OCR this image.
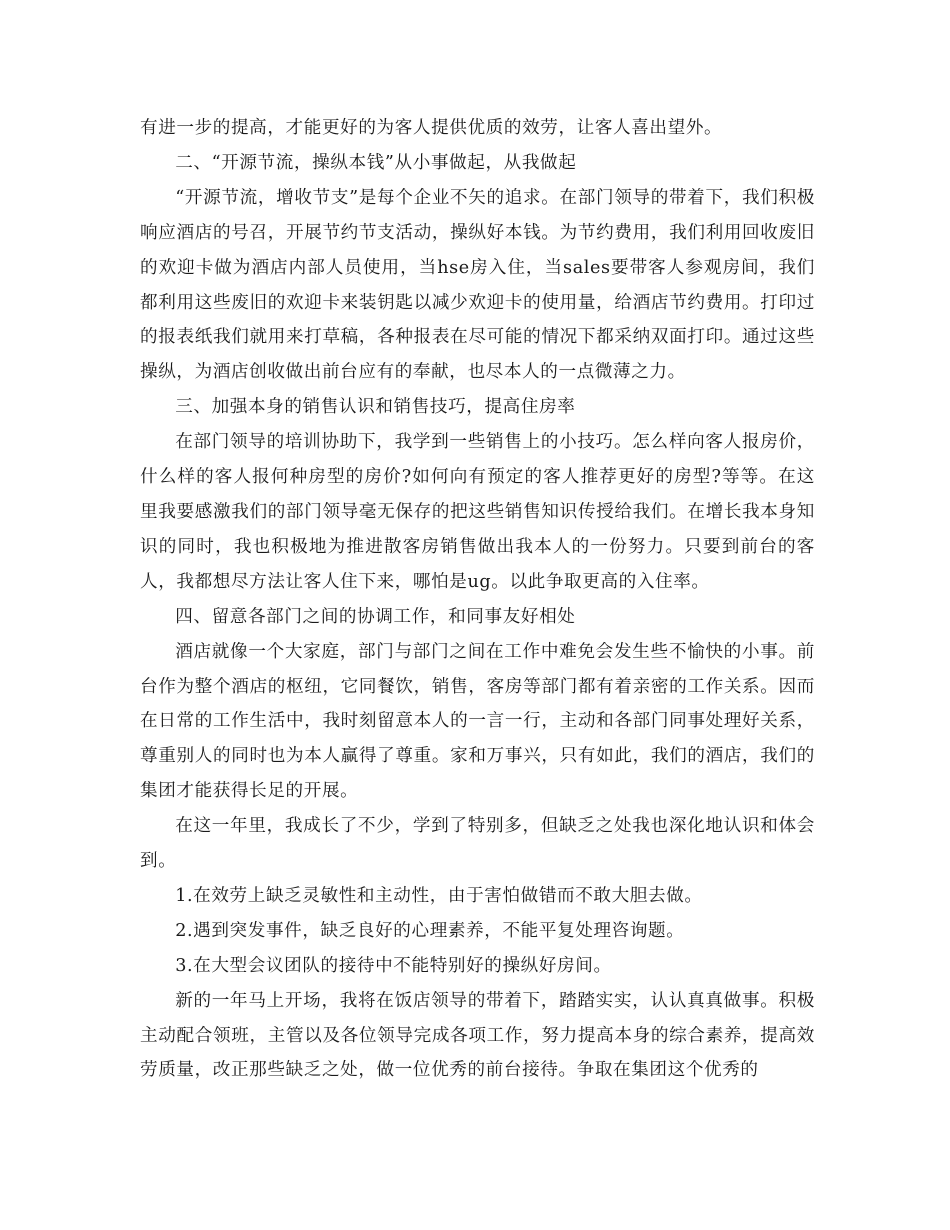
有进一步的提高，才能更好的为客人提供优质的效劳，让客人喜出望外。

二、“开源节流，操纵本钱”从小事做起，从我做起

“开源节流，增收节支”是每个企业不矢的追求。在部门领导的带着下，我们积极响应酒店的号召，开展节约节支活动，操纵好本钱。为节约费用，我们利用回收废旧的欢迎卡做为酒店内部人员使用，当hse房入住，当sales要带客人参观房间，我们都利用这些废旧的欢迎卡来装钥匙以减少欢迎卡的使用量，给酒店节约费用。打印过的报表纸我们就用来打草稿，各种报表在尽可能的情况下都采纳双面打印。通过这些操纵，为酒店创收做出前台应有的奉献，也尽本人的一点微薄之力。

三、加强本身的销售认识和销售技巧，提高住房率

在部门领导的培训协助下，我学到一些销售上的小技巧。怎么样向客人报房价，什么样的客人报何种房型的房价?如何向有预定的客人推荐更好的房型?等等。在这里我要感激我们的部门领导毫无保存的把这些销售知识传授给我们。在增长我本身知识的同时，我也积极地为推进散客房销售做出我本人的一份努力。只要到前台的客人，我都想尽方法让客人住下来，哪怕是ug。以此争取更高的入住率。

四、留意各部门之间的协调工作，和同事友好相处

酒店就像一个大家庭，部门与部门之间在工作中难免会发生些不愉快的小事。前台作为整个酒店的枢纽，它同餐饮，销售，客房等部门都有着亲密的工作关系。因而在日常的工作生活中，我时刻留意本人的一言一行，主动和各部门同事处理好关系，尊重别人的同时也为本人赢得了尊重。家和万事兴，只有如此，我们的酒店，我们的集团才能获得长足的开展。

在这一年里，我成长了不少，学到了特别多，但缺乏之处我也深化地认识和体会到。

1.在效劳上缺乏灵敏性和主动性，由于害怕做错而不敢大胆去做。

2.遇到突发事件，缺乏良好的心理素养，不能平复处理咨询题。

3.在大型会议团队的接待中不能特别好的操纵好房间。

新的一年马上开场，我将在饭店领导的带着下，踏踏实实，认认真真做事。积极主动配合领班，主管以及各位领导完成各项工作，努力提高本身的综合素养，提高效劳质量，改正那些缺乏之处，做一位优秀的前台接待。争取在集团这个优秀的
